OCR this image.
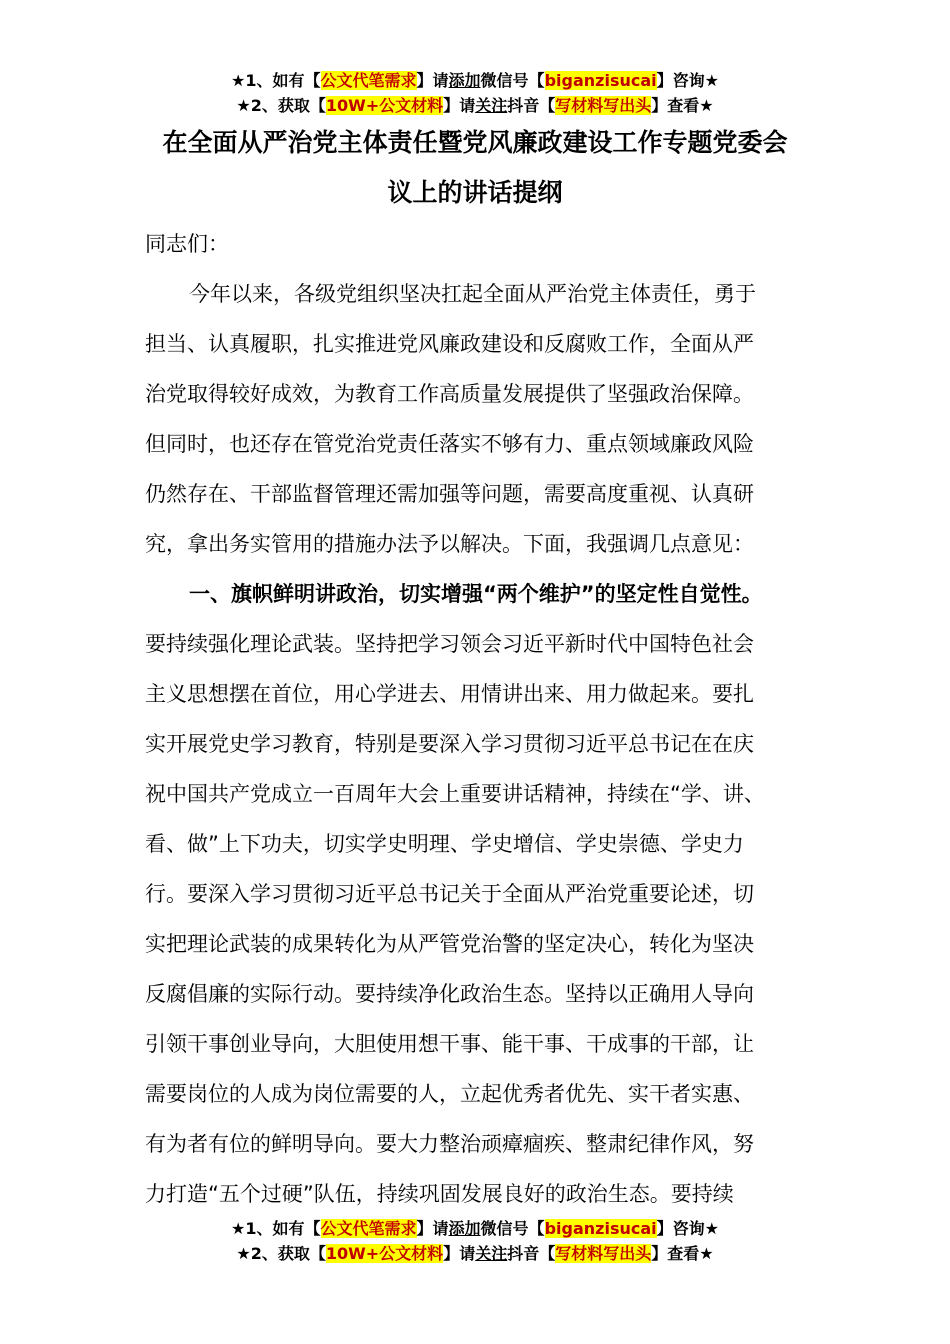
★1、如有【公文代笔需求】请添加微信号【biganzisucai】咨询★
★2、获取【10W+公文材料】请关注抖音【写材料写出头】查看★
在全面从严治党主体责任暨党风廉政建设工作专题党委会
议上的讲话提纲
同志们：
今年以来，各级党组织坚决扛起全面从严治党主体责任，勇于
担当、认真履职，扎实推进党风廉政建设和反腐败工作，全面从严
治党取得较好成效，为教育工作高质量发展提供了坚强政治保障。
但同时，也还存在管党治党责任落实不够有力、重点领域廉政风险
仍然存在、干部监督管理还需加强等问题，需要高度重视、认真研
究，拿出务实管用的措施办法予以解决。下面，我强调几点意见：
一、旗帜鲜明讲政治，切实增强“两个维护”的坚定性自觉性。
要持续强化理论武装。坚持把学习领会习近平新时代中国特色社会
主义思想摆在首位，用心学进去、用情讲出来、用力做起来。要扎
实开展党史学习教育，特别是要深入学习贯彻习近平总书记在在庆
祝中国共产党成立一百周年大会上重要讲话精神，持续在“学、讲、
看、做”上下功夫，切实学史明理、学史增信、学史崇德、学史力
行。要深入学习贯彻习近平总书记关于全面从严治党重要论述，切
实把理论武装的成果转化为从严管党治警的坚定决心，转化为坚决
反腐倡廉的实际行动。要持续净化政治生态。坚持以正确用人导向
引领干事创业导向，大胆使用想干事、能干事、干成事的干部，让
需要岗位的人成为岗位需要的人，立起优秀者优先、实干者实惠、
有为者有位的鲜明导向。要大力整治顽瘴痼疾、整肃纪律作风，努
力打造“五个过硬”队伍，持续巩固发展良好的政治生态。要持续
★1、如有【公文代笔需求】请添加微信号【biganzisucai】咨询★
★2、获取【10W+公文材料】请关注抖音【写材料写出头】查看★
